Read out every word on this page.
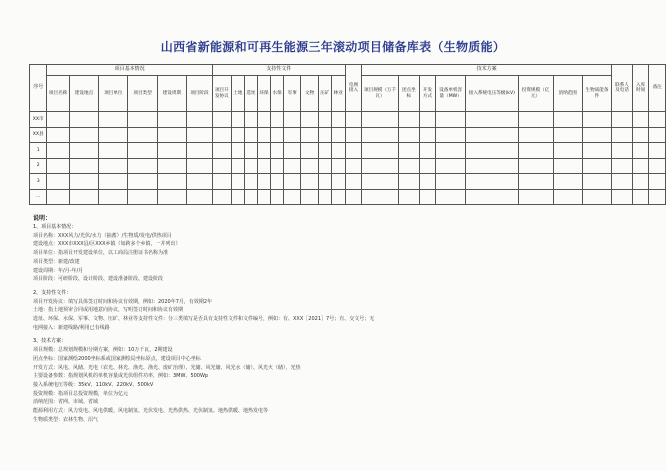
山西省新能源和可再生能源三年滚动项目储备库表（生物质能）
序号	项目基本情况						支持性文件									电网接入	技术方案								联系人及电话	入库时间	备注
	项目名称	建设地点	项目单位	项目类型	建设周期	项目阶段	项目开发协议	土地	选址	环保	水保	军事	文物	压矿	林业		项目规模（万千瓦）	团点坐标	开发方式	设备单机容量（MW）	接入系统电压等级(kV)	投资规模（亿元）	消纳范围	生物质能条件			
XX市																											
XX县																											
1																											
2																											
3																											
…																											
说明：
1、项目基本情况：
项目名称：XXX风力/光伏/水力（抽蓄）/生物质/发电/供热项目
建设地点：XXX市XXX县/区XXX乡镇（如跨多个乡镇，一并列出）
项目单位：指项目开发建设单位，以工商局注册证书名称为准
项目类型：新建/改建
建设周期：年/月-年/月
项目阶段：可研阶段、设计阶段、建设准备阶段、建设阶段
2、支持性文件：
项目开发协议：填写具体签订时间和协议有效期，例如：2020年7月，有效期2年
土地：指土地预审合同或用地意向协议，写明签订时间和协议有效期
选址、环保、水保、军事、文物、压矿、林业等支持性文件：分三类填写是否具有支持性文件和文件编号，例如：有、XXX［2021］7号；有、交文号；无
电网接入：新建线路/利用已有线路
3、技术方案：
项目规模：总规划规模和分期方案，例如：10万千瓦，2期建设
团点坐标：国家测绘2000坐标系或国家测绘局坐标原点，建设项目中心坐标
开发方式：风电、风储、光电（农光、林光、渔光、渔光、废矿治理）、光储、风光储、风光水（储）、风光火（储），光热
主要设备参数：指规划风机的单机容量或光伏组件功率，例如：3MW、500Wp
接入系统电压等级：35kV、110kV、220kV、500kV
投资规模：指项目总投资规模，单位为亿元
消纳范围：省网、市域、省域
能源利用方式：风力发电、风电供暖、风电制氢、光伏发电、光热供热、光伏制氢、地热供暖、地热发电等
生物质类型：农林生物、沼气
